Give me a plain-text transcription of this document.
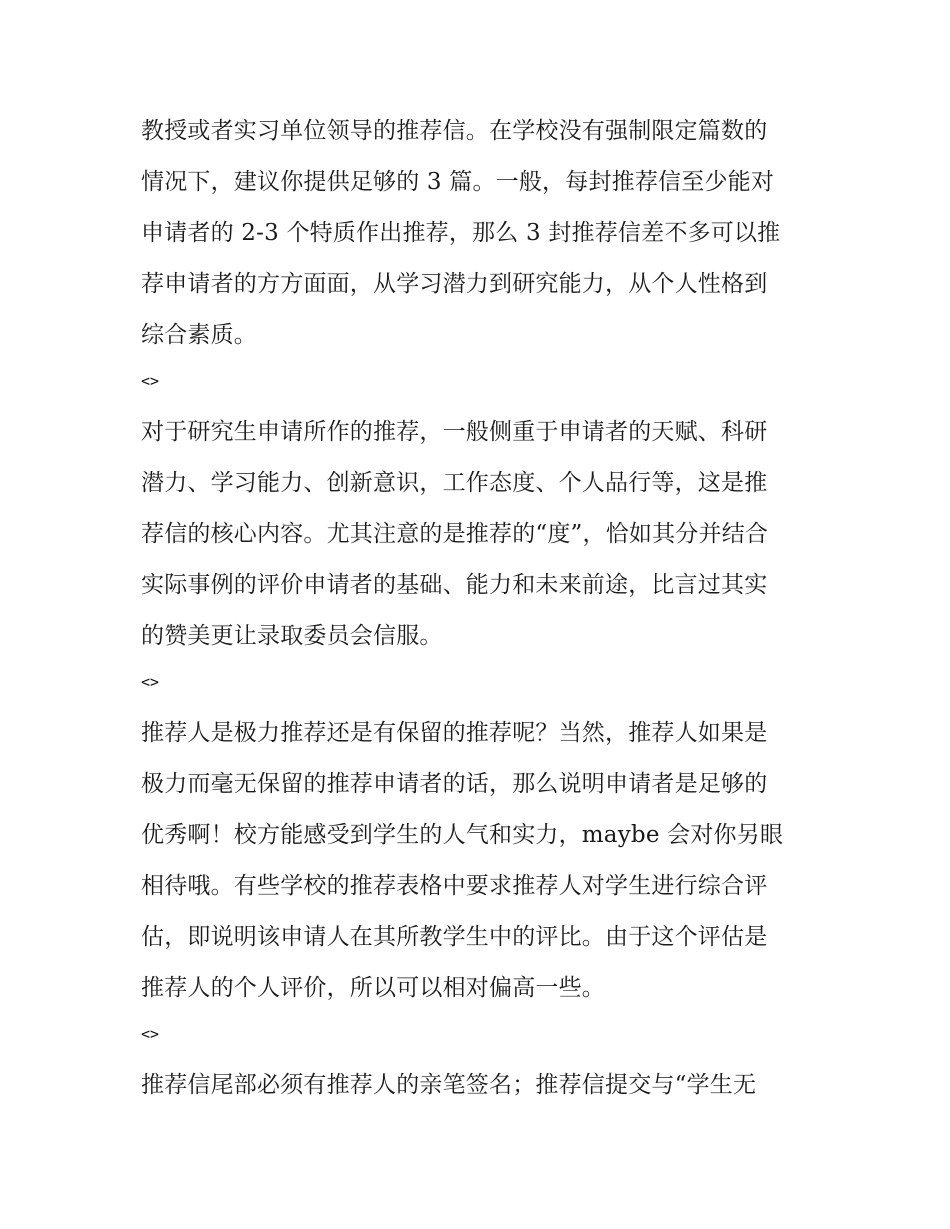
教授或者实习单位领导的推荐信。在学校没有强制限定篇数的
情况下，建议你提供足够的 3 篇。一般，每封推荐信至少能对
申请者的 2-3 个特质作出推荐，那么 3 封推荐信差不多可以推
荐申请者的方方面面，从学习潜力到研究能力，从个人性格到
综合素质。

<>

对于研究生申请所作的推荐，一般侧重于申请者的天赋、科研
潜力、学习能力、创新意识，工作态度、个人品行等，这是推
荐信的核心内容。尤其注意的是推荐的“度”，恰如其分并结合
实际事例的评价申请者的基础、能力和未来前途，比言过其实
的赞美更让录取委员会信服。

<>

推荐人是极力推荐还是有保留的推荐呢？当然，推荐人如果是
极力而毫无保留的推荐申请者的话，那么说明申请者是足够的
优秀啊！校方能感受到学生的人气和实力，maybe 会对你另眼
相待哦。有些学校的推荐表格中要求推荐人对学生进行综合评
估，即说明该申请人在其所教学生中的评比。由于这个评估是
推荐人的个人评价，所以可以相对偏高一些。

<>

推荐信尾部必须有推荐人的亲笔签名；推荐信提交与“学生无
